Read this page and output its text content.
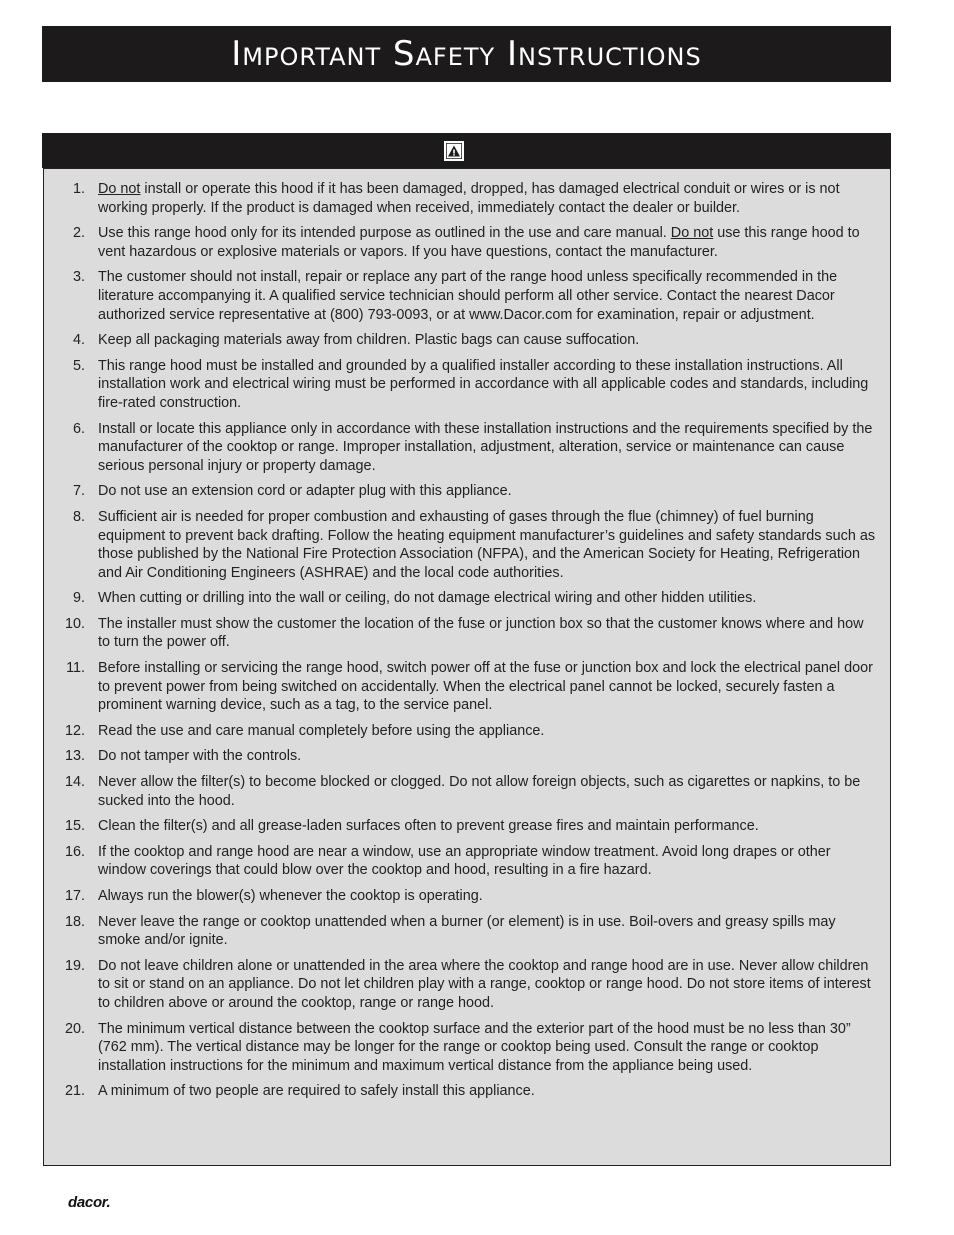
Important Safety Instructions
1. Do not install or operate this hood if it has been damaged, dropped, has damaged electrical conduit or wires or is not working properly. If the product is damaged when received, immediately contact the dealer or builder.
2. Use this range hood only for its intended purpose as outlined in the use and care manual. Do not use this range hood to vent hazardous or explosive materials or vapors. If you have questions, contact the manufacturer.
3. The customer should not install, repair or replace any part of the range hood unless specifically recommended in the literature accompanying it. A qualified service technician should perform all other service. Contact the nearest Dacor authorized service representative at (800) 793-0093, or at www.Dacor.com for examination, repair or adjustment.
4. Keep all packaging materials away from children. Plastic bags can cause suffocation.
5. This range hood must be installed and grounded by a qualified installer according to these installation instructions. All installation work and electrical wiring must be performed in accordance with all applicable codes and standards, including fire-rated construction.
6. Install or locate this appliance only in accordance with these installation instructions and the requirements specified by the manufacturer of the cooktop or range. Improper installation, adjustment, alteration, service or maintenance can cause serious personal injury or property damage.
7. Do not use an extension cord or adapter plug with this appliance.
8. Sufficient air is needed for proper combustion and exhausting of gases through the flue (chimney) of fuel burning equipment to prevent back drafting. Follow the heating equipment manufacturer’s guidelines and safety standards such as those published by the National Fire Protection Association (NFPA), and the American Society for Heating, Refrigeration and Air Conditioning Engineers (ASHRAE) and the local code authorities.
9. When cutting or drilling into the wall or ceiling, do not damage electrical wiring and other hidden utilities.
10. The installer must show the customer the location of the fuse or junction box so that the customer knows where and how to turn the power off.
11. Before installing or servicing the range hood, switch power off at the fuse or junction box and lock the electrical panel door to prevent power from being switched on accidentally. When the electrical panel cannot be locked, securely fasten a prominent warning device, such as a tag, to the service panel.
12. Read the use and care manual completely before using the appliance.
13. Do not tamper with the controls.
14. Never allow the filter(s) to become blocked or clogged. Do not allow foreign objects, such as cigarettes or napkins, to be sucked into the hood.
15. Clean the filter(s) and all grease-laden surfaces often to prevent grease fires and maintain performance.
16. If the cooktop and range hood are near a window, use an appropriate window treatment. Avoid long drapes or other window coverings that could blow over the cooktop and hood, resulting in a fire hazard.
17. Always run the blower(s) whenever the cooktop is operating.
18. Never leave the range or cooktop unattended when a burner (or element) is in use. Boil-overs and greasy spills may smoke and/or ignite.
19. Do not leave children alone or unattended in the area where the cooktop and range hood are in use. Never allow children to sit or stand on an appliance. Do not let children play with a range, cooktop or range hood. Do not store items of interest to children above or around the cooktop, range or range hood.
20. The minimum vertical distance between the cooktop surface and the exterior part of the hood must be no less than 30” (762 mm). The vertical distance may be longer for the range or cooktop being used. Consult the range or cooktop installation instructions for the minimum and maximum vertical distance from the appliance being used.
21. A minimum of two people are required to safely install this appliance.
dacor.
